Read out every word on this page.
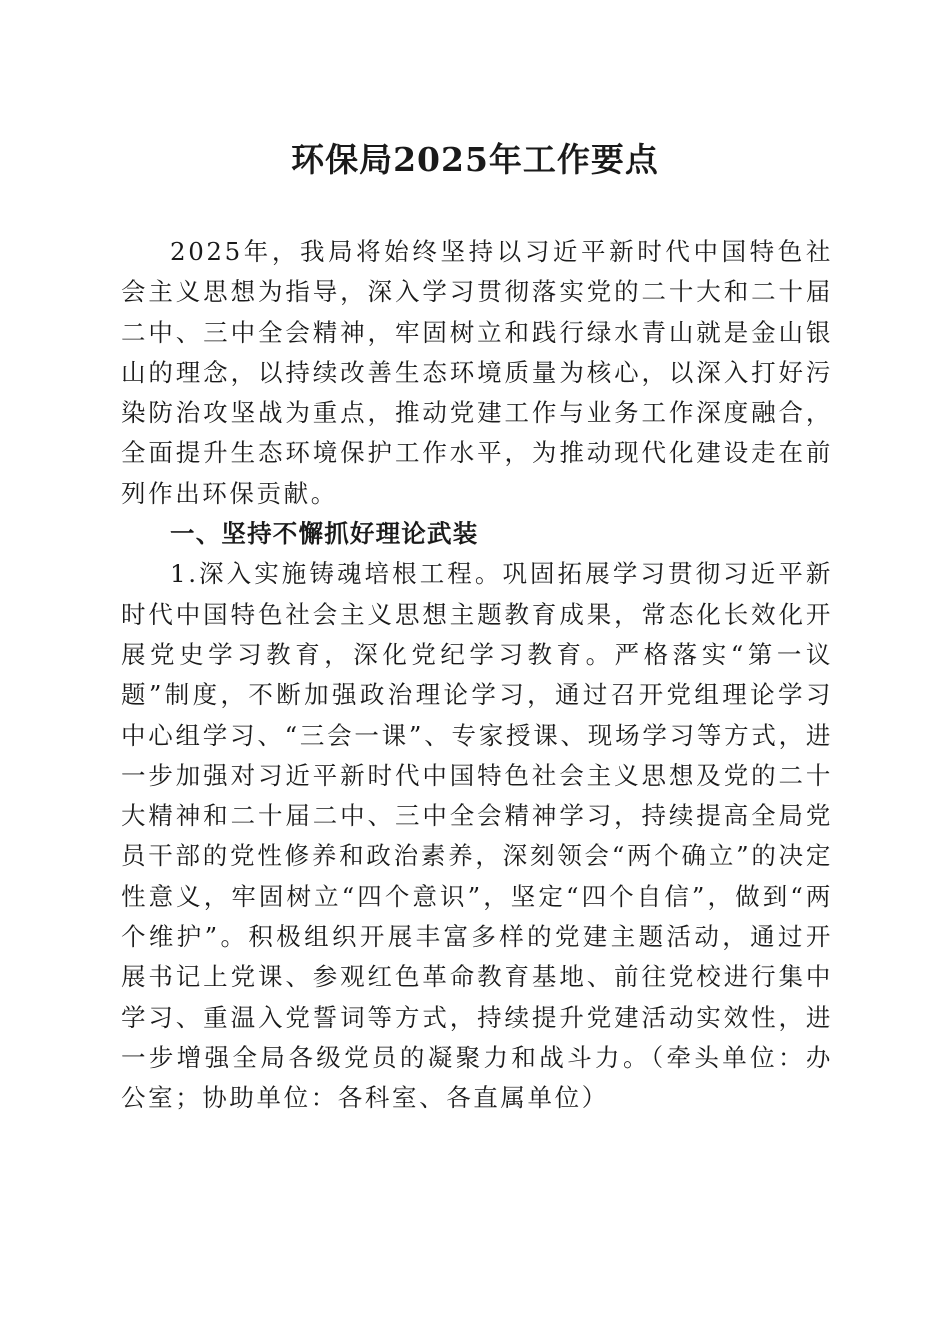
环保局2025年工作要点

2025年，我局将始终坚持以习近平新时代中国特色社会主义思想为指导，深入学习贯彻落实党的二十大和二十届二中、三中全会精神，牢固树立和践行绿水青山就是金山银山的理念，以持续改善生态环境质量为核心，以深入打好污染防治攻坚战为重点，推动党建工作与业务工作深度融合，全面提升生态环境保护工作水平，为推动现代化建设走在前列作出环保贡献。

一、坚持不懈抓好理论武装

1.深入实施铸魂培根工程。巩固拓展学习贯彻习近平新时代中国特色社会主义思想主题教育成果，常态化长效化开展党史学习教育，深化党纪学习教育。严格落实“第一议题”制度，不断加强政治理论学习，通过召开党组理论学习中心组学习、“三会一课”、专家授课、现场学习等方式，进一步加强对习近平新时代中国特色社会主义思想及党的二十大精神和二十届二中、三中全会精神学习，持续提高全局党员干部的党性修养和政治素养，深刻领会“两个确立”的决定性意义，牢固树立“四个意识”，坚定“四个自信”，做到“两个维护”。积极组织开展丰富多样的党建主题活动，通过开展书记上党课、参观红色革命教育基地、前往党校进行集中学习、重温入党誓词等方式，持续提升党建活动实效性，进一步增强全局各级党员的凝聚力和战斗力。（牵头单位：办公室；协助单位：各科室、各直属单位）
